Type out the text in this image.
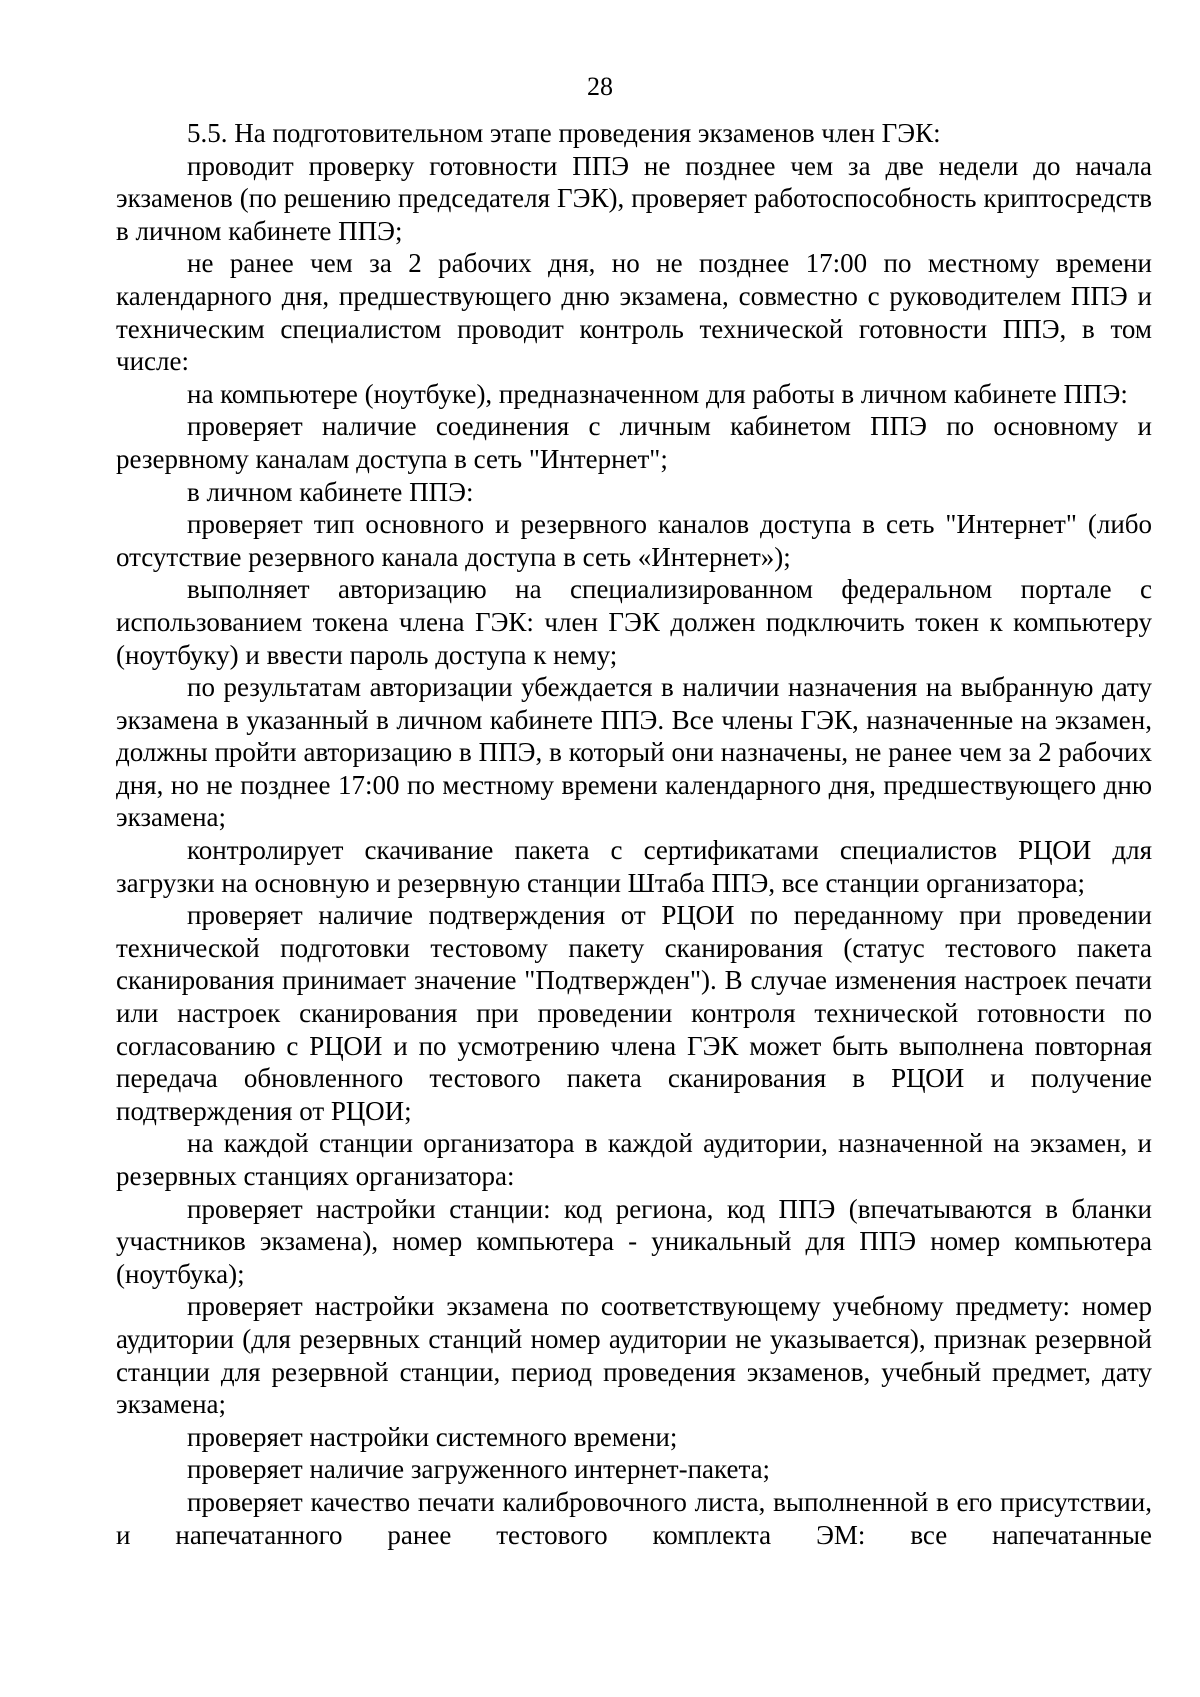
28

5.5. На подготовительном этапе проведения экзаменов член ГЭК:

проводит проверку готовности ППЭ не позднее чем за две недели до начала экзаменов (по решению председателя ГЭК), проверяет работоспособность криптосредств в личном кабинете ППЭ;

не ранее чем за 2 рабочих дня, но не позднее 17:00 по местному времени календарного дня, предшествующего дню экзамена, совместно с руководителем ППЭ и техническим специалистом проводит контроль технической готовности ППЭ, в том числе:

на компьютере (ноутбуке), предназначенном для работы в личном кабинете ППЭ:

проверяет наличие соединения с личным кабинетом ППЭ по основному и резервному каналам доступа в сеть "Интернет";

в личном кабинете ППЭ:

проверяет тип основного и резервного каналов доступа в сеть "Интернет" (либо отсутствие резервного канала доступа в сеть «Интернет»);

выполняет авторизацию на специализированном федеральном портале с использованием токена члена ГЭК: член ГЭК должен подключить токен к компьютеру (ноутбуку) и ввести пароль доступа к нему;

по результатам авторизации убеждается в наличии назначения на выбранную дату экзамена в указанный в личном кабинете ППЭ. Все члены ГЭК, назначенные на экзамен, должны пройти авторизацию в ППЭ, в который они назначены, не ранее чем за 2 рабочих дня, но не позднее 17:00 по местному времени календарного дня, предшествующего дню экзамена;

контролирует скачивание пакета с сертификатами специалистов РЦОИ для загрузки на основную и резервную станции Штаба ППЭ, все станции организатора;

проверяет наличие подтверждения от РЦОИ по переданному при проведении технической подготовки тестовому пакету сканирования (статус тестового пакета сканирования принимает значение "Подтвержден"). В случае изменения настроек печати или настроек сканирования при проведении контроля технической готовности по согласованию с РЦОИ и по усмотрению члена ГЭК может быть выполнена повторная передача обновленного тестового пакета сканирования в РЦОИ и получение подтверждения от РЦОИ;

на каждой станции организатора в каждой аудитории, назначенной на экзамен, и резервных станциях организатора:

проверяет настройки станции: код региона, код ППЭ (впечатываются в бланки участников экзамена), номер компьютера - уникальный для ППЭ номер компьютера (ноутбука);

проверяет настройки экзамена по соответствующему учебному предмету: номер аудитории (для резервных станций номер аудитории не указывается), признак резервной станции для резервной станции, период проведения экзаменов, учебный предмет, дату экзамена;

проверяет настройки системного времени;

проверяет наличие загруженного интернет-пакета;

проверяет качество печати калибровочного листа, выполненной в его присутствии, и напечатанного ранее тестового комплекта ЭМ: все напечатанные
